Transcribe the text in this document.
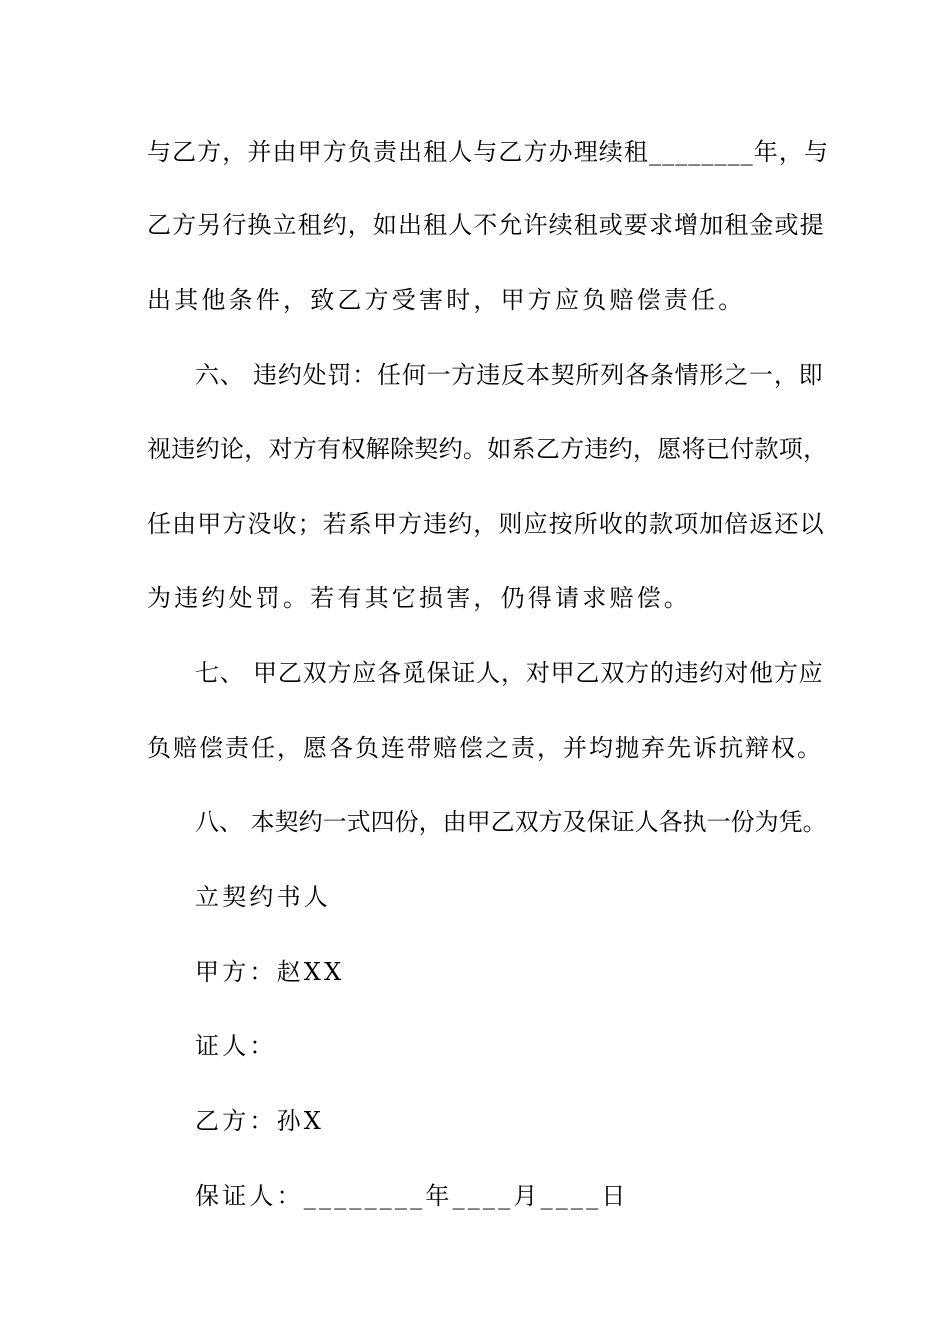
与乙方，并由甲方负责出租人与乙方办理续租________年，与
乙方另行换立租约，如出租人不允许续租或要求增加租金或提
出其他条件，致乙方受害时，甲方应负赔偿责任。
六、 违约处罚：任何一方违反本契所列各条情形之一，即
视违约论，对方有权解除契约。如系乙方违约，愿将已付款项，
任由甲方没收；若系甲方违约，则应按所收的款项加倍返还以
为违约处罚。若有其它损害，仍得请求赔偿。
七、 甲乙双方应各觅保证人，对甲乙双方的违约对他方应
负赔偿责任，愿各负连带赔偿之责，并均抛弃先诉抗辩权。
八、 本契约一式四份，由甲乙双方及保证人各执一份为凭。
立契约书人
甲方：赵XX
证人：
乙方：孙X
保证人：________年____月____日
